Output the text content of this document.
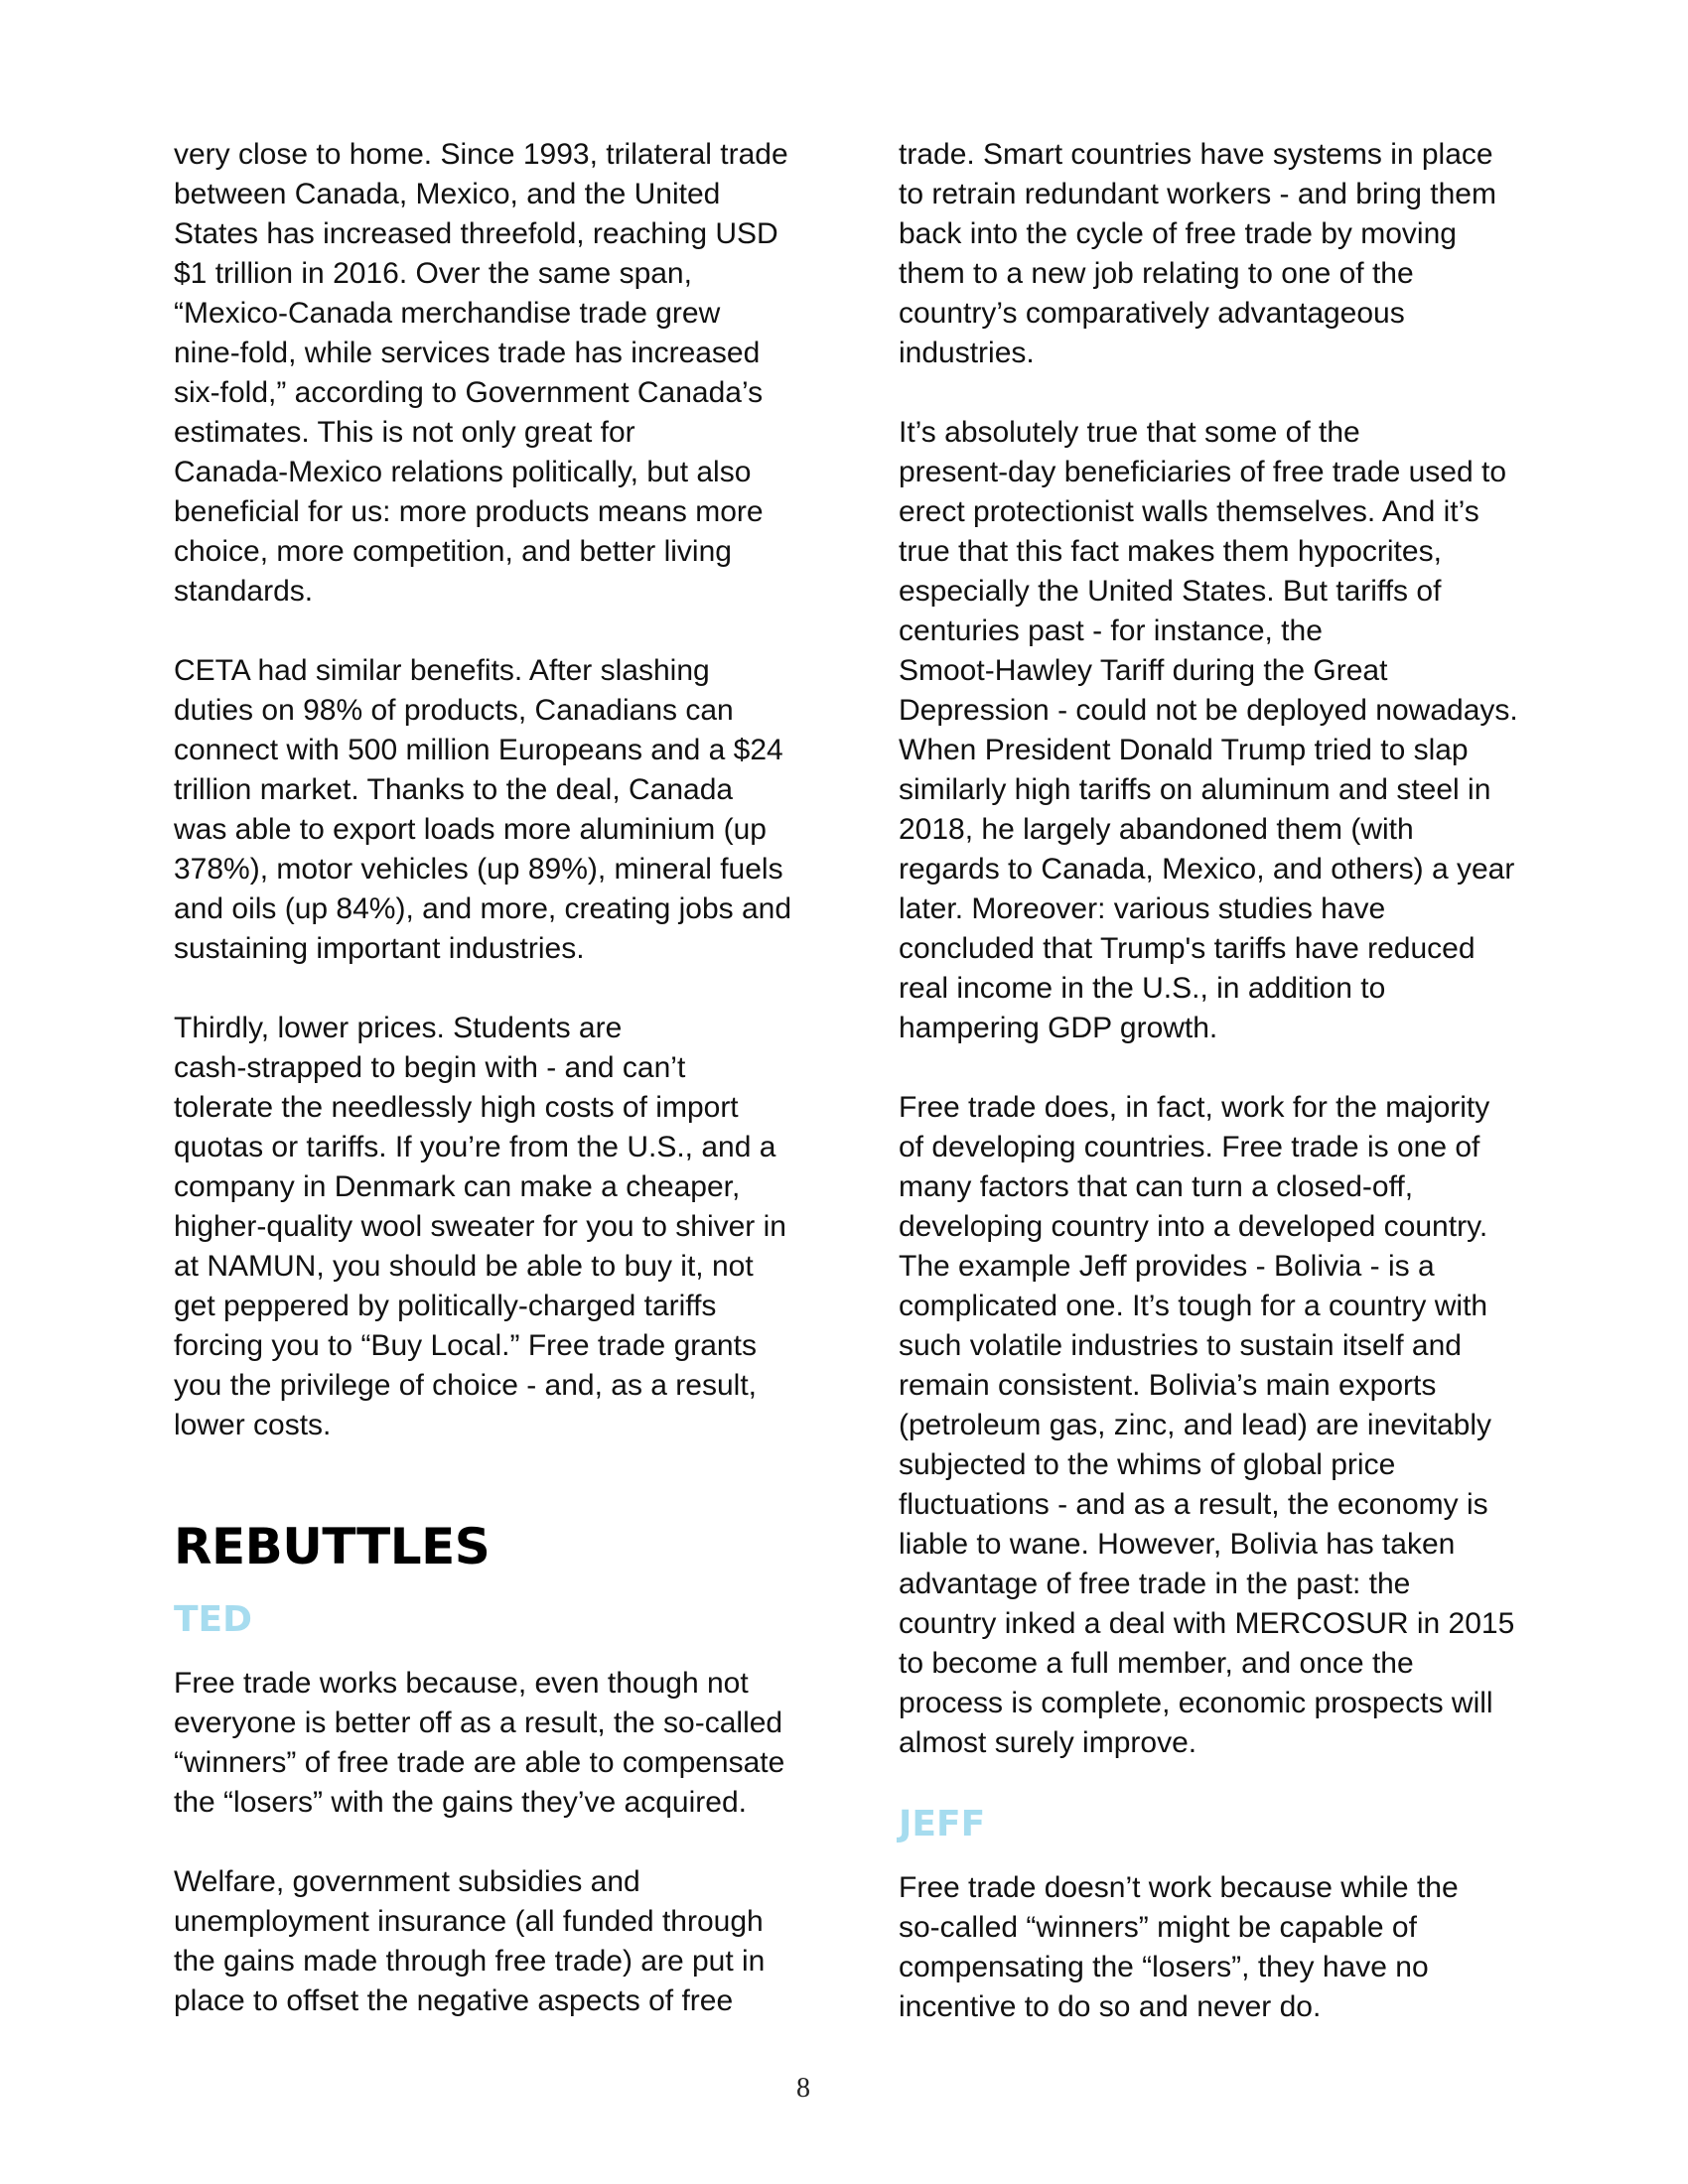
very close to home. Since 1993, trilateral trade
between Canada, Mexico, and the United
States has increased threefold, reaching USD
$1 trillion in 2016. Over the same span,
“Mexico-Canada merchandise trade grew
nine-fold, while services trade has increased
six-fold,” according to Government Canada’s
estimates. This is not only great for
Canada-Mexico relations politically, but also
beneficial for us: more products means more
choice, more competition, and better living
standards.

CETA had similar benefits. After slashing
duties on 98% of products, Canadians can
connect with 500 million Europeans and a $24
trillion market. Thanks to the deal, Canada
was able to export loads more aluminium (up
378%), motor vehicles (up 89%), mineral fuels
and oils (up 84%), and more, creating jobs and
sustaining important industries.

Thirdly, lower prices. Students are
cash-strapped to begin with - and can’t
tolerate the needlessly high costs of import
quotas or tariffs. If you’re from the U.S., and a
company in Denmark can make a cheaper,
higher-quality wool sweater for you to shiver in
at NAMUN, you should be able to buy it, not
get peppered by politically-charged tariffs
forcing you to “Buy Local.” Free trade grants
you the privilege of choice - and, as a result,
lower costs.

REBUTTLES
TED

Free trade works because, even though not
everyone is better off as a result, the so-called
“winners” of free trade are able to compensate
the “losers” with the gains they’ve acquired.

Welfare, government subsidies and
unemployment insurance (all funded through
the gains made through free trade) are put in
place to offset the negative aspects of free

trade. Smart countries have systems in place
to retrain redundant workers - and bring them
back into the cycle of free trade by moving
them to a new job relating to one of the
country’s comparatively advantageous
industries.

It’s absolutely true that some of the
present-day beneficiaries of free trade used to
erect protectionist walls themselves. And it’s
true that this fact makes them hypocrites,
especially the United States. But tariffs of
centuries past - for instance, the
Smoot-Hawley Tariff during the Great
Depression - could not be deployed nowadays.
When President Donald Trump tried to slap
similarly high tariffs on aluminum and steel in
2018, he largely abandoned them (with
regards to Canada, Mexico, and others) a year
later. Moreover: various studies have
concluded that Trump's tariffs have reduced
real income in the U.S., in addition to
hampering GDP growth.

Free trade does, in fact, work for the majority
of developing countries. Free trade is one of
many factors that can turn a closed-off,
developing country into a developed country.
The example Jeff provides - Bolivia - is a
complicated one. It’s tough for a country with
such volatile industries to sustain itself and
remain consistent. Bolivia’s main exports
(petroleum gas, zinc, and lead) are inevitably
subjected to the whims of global price
fluctuations - and as a result, the economy is
liable to wane. However, Bolivia has taken
advantage of free trade in the past: the
country inked a deal with MERCOSUR in 2015
to become a full member, and once the
process is complete, economic prospects will
almost surely improve.

JEFF

Free trade doesn’t work because while the
so-called “winners” might be capable of
compensating the “losers”, they have no
incentive to do so and never do.

8
